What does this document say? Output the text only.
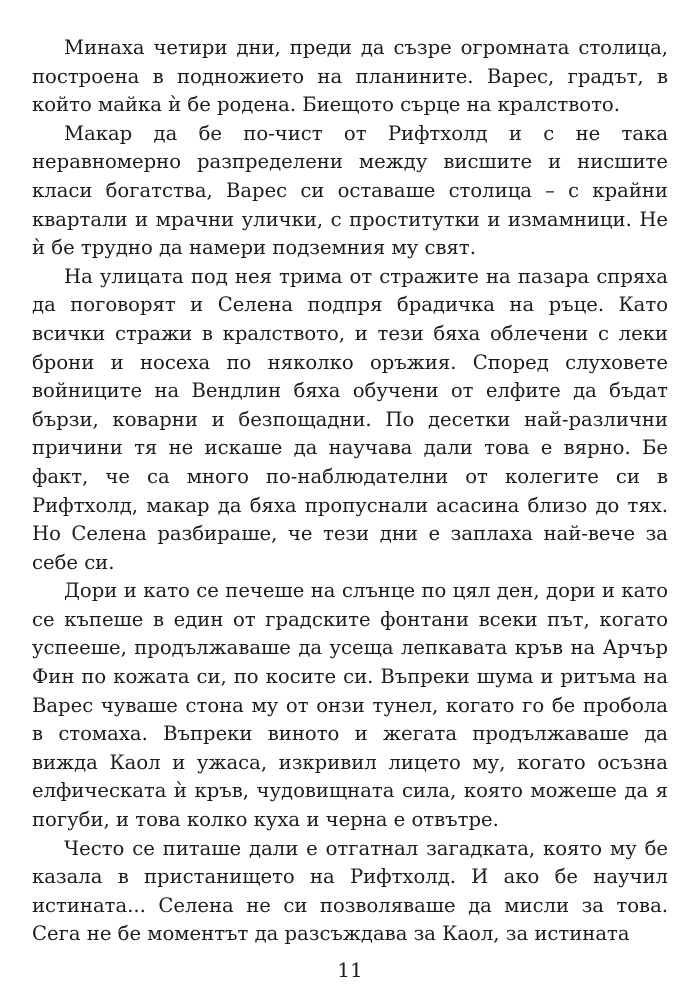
Минаха четири дни, преди да съзре огромната столица, построена в подножието на планините. Варес, градът, в който майка ѝ бе родена. Биещото сърце на кралството.

Макар да бе по-чист от Рифтхолд и с не така неравномерно разпределени между висшите и нисшите класи богатства, Варес си оставаше столица – с крайни квартали и мрачни улички, с проститутки и измамници. Не ѝ бе трудно да намери подземния му свят.

На улицата под нея трима от стражите на пазара спряха да поговорят и Селена подпря брадичка на ръце. Като всички стражи в кралството, и тези бяха облечени с леки брони и носеха по няколко оръжия. Според слуховете войниците на Вендлин бяха обучени от елфите да бъдат бързи, коварни и безпощадни. По десетки най-различни причини тя не искаше да научава дали това е вярно. Бе факт, че са много по-наблюдателни от колегите си в Рифтхолд, макар да бяха пропуснали асасина близо до тях. Но Селена разбираше, че тези дни е заплаха най-вече за себе си.

Дори и като се печеше на слънце по цял ден, дори и като се къпеше в един от градските фонтани всеки път, когато успееше, продължаваше да усеща лепкавата кръв на Арчър Фин по кожата си, по косите си. Въпреки шума и ритъма на Варес чуваше стона му от онзи тунел, когато го бе пробола в стомаха. Въпреки виното и жегата продължаваше да вижда Каол и ужаса, изкривил лицето му, когато осъзна елфическата ѝ кръв, чудовищната сила, която можеше да я погуби, и това колко куха и черна е отвътре.

Често се питаше дали е отгатнал загадката, която му бе казала в пристанището на Рифтхолд. И ако бе научил истината... Селена не си позволяваше да мисли за това. Сега не бе моментът да разсъждава за Каол, за истината

11
